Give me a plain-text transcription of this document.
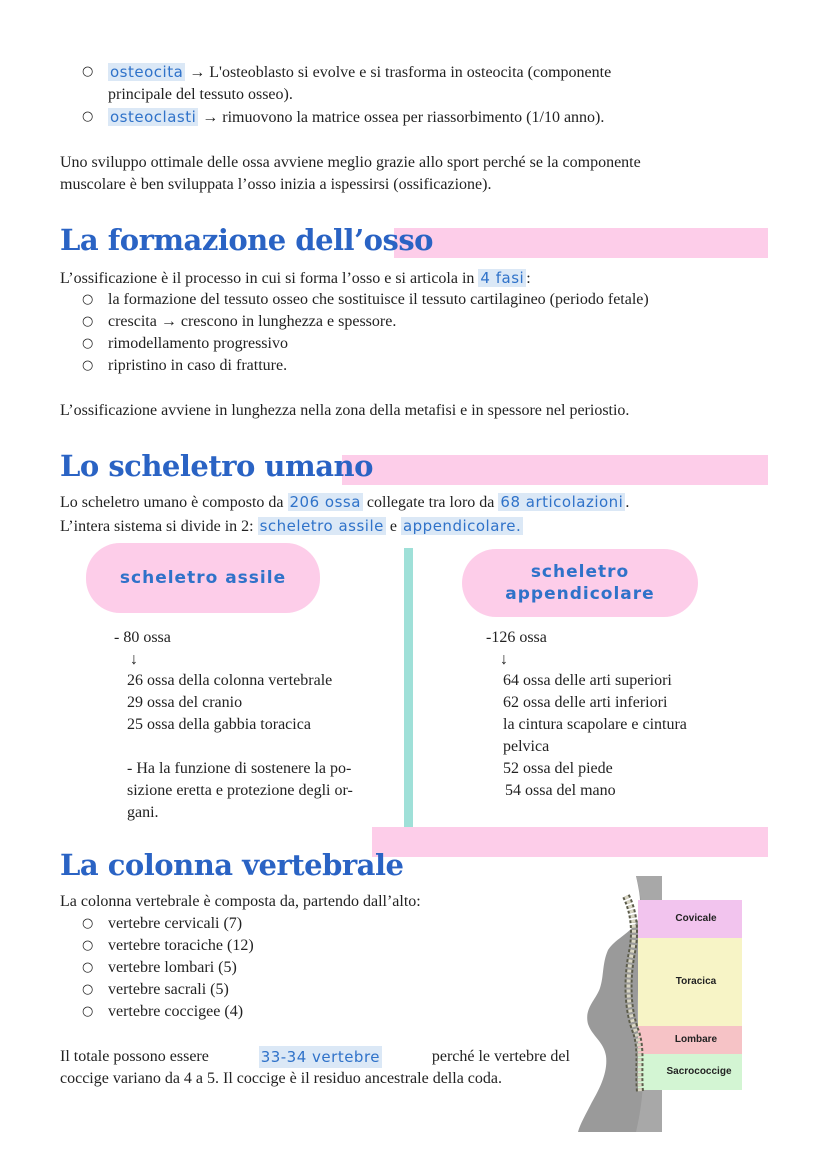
○ osteocita → L'osteoblasto si evolve e si trasforma in osteocita (componente
principale del tessuto osseo).
○ osteoclasti → rimuovono la matrice ossea per riassorbimento (1/10 anno).
Uno sviluppo ottimale delle ossa avviene meglio grazie allo sport perché se la componente
muscolare è ben sviluppata l’osso inizia a ispessirsi (ossificazione).
La formazione dell’osso
L’ossificazione è il processo in cui si forma l’osso e si articola in 4 fasi :
○ la formazione del tessuto osseo che sostituisce il tessuto cartilagineo (periodo fetale)
○ crescita → crescono in lunghezza e spessore.
○ rimodellamento progressivo
○ ripristino in caso di fratture.
L’ossificazione avviene in lunghezza nella zona della metafisi e in spessore nel periostio.
Lo scheletro umano
Lo scheletro umano è composto da 206 ossa collegate tra loro da 68 articolazioni .
L’intera sistema si divide in 2: scheletro assile e appendicolare.
scheletro assile
- 80 ossa
↓
26 ossa della colonna vertebrale
29 ossa del cranio
25 ossa della gabbia toracica
- Ha la funzione di sostenere la po-
sizione eretta e protezione degli or-
gani.
scheletro
appendicolare
-126 ossa
↓
64 ossa delle arti superiori
62 ossa delle arti inferiori
la cintura scapolare e cintura
pelvica
52 ossa del piede
54 ossa del mano
La colonna vertebrale
La colonna vertebrale è composta da, partendo dall’alto:
○ vertebre cervicali (7)
○ vertebre toraciche (12)
○ vertebre lombari (5)
○ vertebre sacrali (5)
○ vertebre coccigee (4)
Il totale possono essere	33-34 vertebre	perché le vertebre del
coccige variano da 4 a 5. Il coccige è il residuo ancestrale della coda.
Covicale
Toracica
Lombare
Sacrococcige
